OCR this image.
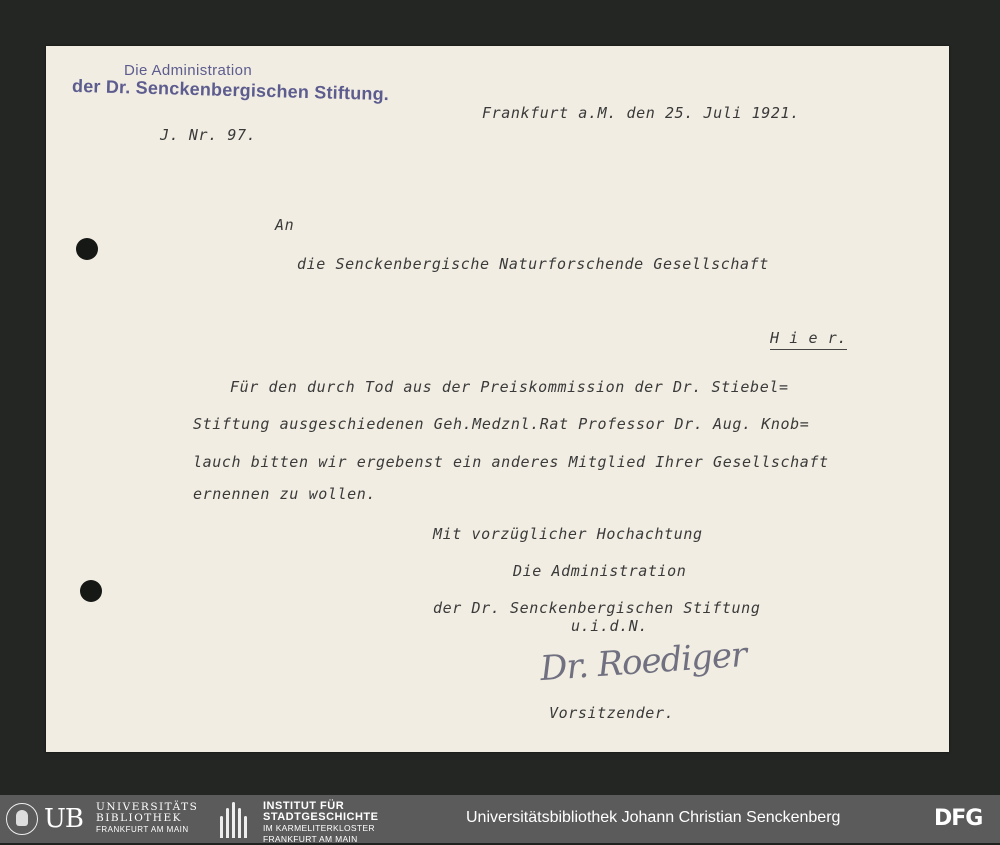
Die Administration
der Dr. Senckenbergischen Stiftung.
J. Nr. 97.
Frankfurt a.M. den 25. Juli 1921.
An
die Senckenbergische Naturforschende Gesellschaft
H i e r.
Für den durch Tod aus der Preiskommission der Dr. Stiebel=
Stiftung ausgeschiedenen Geh.Medznl.Rat Professor Dr. Aug. Knob=
lauch bitten wir ergebenst ein anderes Mitglied Ihrer Gesellschaft
ernennen zu wollen.
Mit vorzüglicher Hochachtung
Die Administration
der Dr. Senckenbergischen Stiftung
u.i.d.N.
Dr. Roediger
Vorsitzender.
UB UNIVERSITÄTS
BIBLIOTHEK
FRANKFURT AM MAIN
INSTITUT FÜR
STADTGESCHICHTE
IM KARMELITERKLOSTER
FRANKFURT AM MAIN
Universitätsbibliothek Johann Christian Senckenberg	DFG
